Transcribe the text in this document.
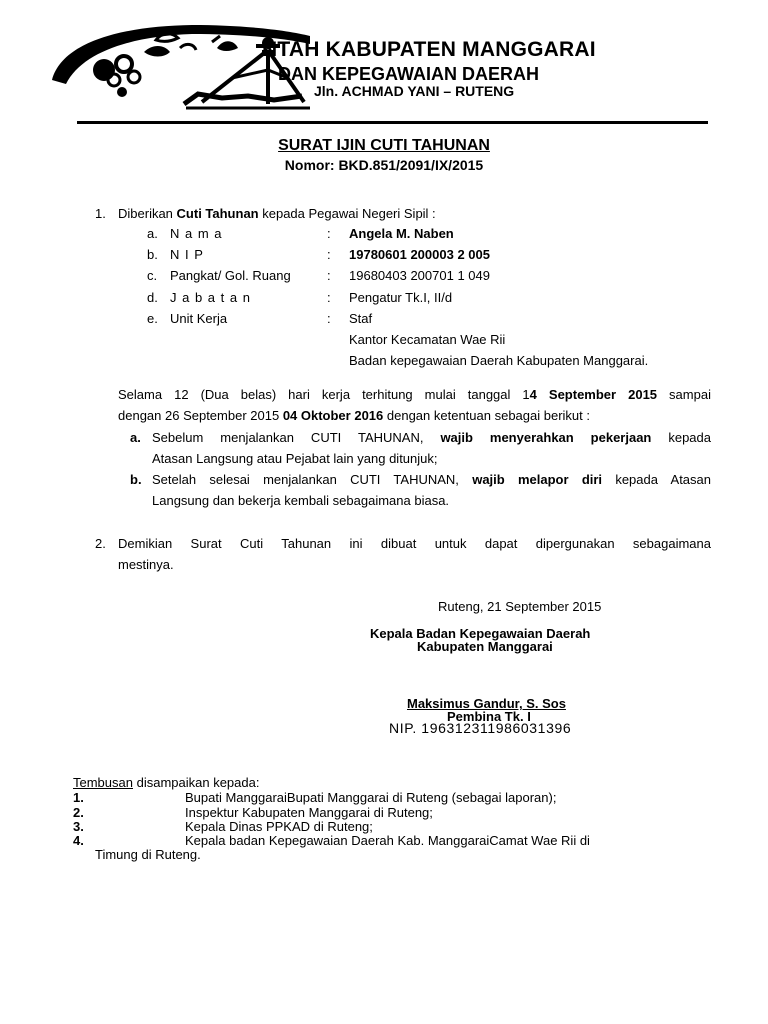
NTAH KABUPATEN MANGGARAI
DAN KEPEGAWAIAN DAERAH
Jln. ACHMAD YANI – RUTENG
SURAT IJIN CUTI TAHUNAN
Nomor: BKD.851/2091/IX/2015
1. Diberikan Cuti Tahunan kepada Pegawai Negeri Sipil :
a. N a m a	: Angela M. Naben
b. N I P	: 19780601 200003 2 005
c. Pangkat/ Gol. Ruang	: 19680403 200701 1 049
d. J a b a t a n	: Pengatur Tk.I, II/d
e. Unit Kerja	: Staf
Kantor Kecamatan Wae Rii
Badan kepegawaian Daerah Kabupaten Manggarai.
Selama 12 (Dua belas) hari kerja terhitung mulai tanggal 14 September 2015 sampai
dengan 26 September 2015 04 Oktober 2016 dengan ketentuan sebagai berikut :
a. Sebelum menjalankan CUTI TAHUNAN, wajib menyerahkan pekerjaan kepada
Atasan Langsung atau Pejabat lain yang ditunjuk;
b. Setelah selesai menjalankan CUTI TAHUNAN, wajib melapor diri kepada Atasan
Langsung dan bekerja kembali sebagaimana biasa.
2. Demikian Surat Cuti Tahunan ini dibuat untuk dapat dipergunakan sebagaimana
mestinya.
Ruteng, 21 September 2015
Kepala Badan Kepegawaian Daerah
Kabupaten Manggarai
Maksimus Gandur, S. Sos
Pembina Tk. I
NIP. 196312311986031396
Tembusan disampaikan kepada:
1.	Bupati ManggaraiBupati Manggarai di Ruteng (sebagai laporan);
2.	Inspektur Kabupaten Manggarai di Ruteng;
3.	Kepala Dinas PPKAD di Ruteng;
4.	Kepala badan Kepegawaian Daerah Kab. ManggaraiCamat Wae Rii di
Timung di Ruteng.
